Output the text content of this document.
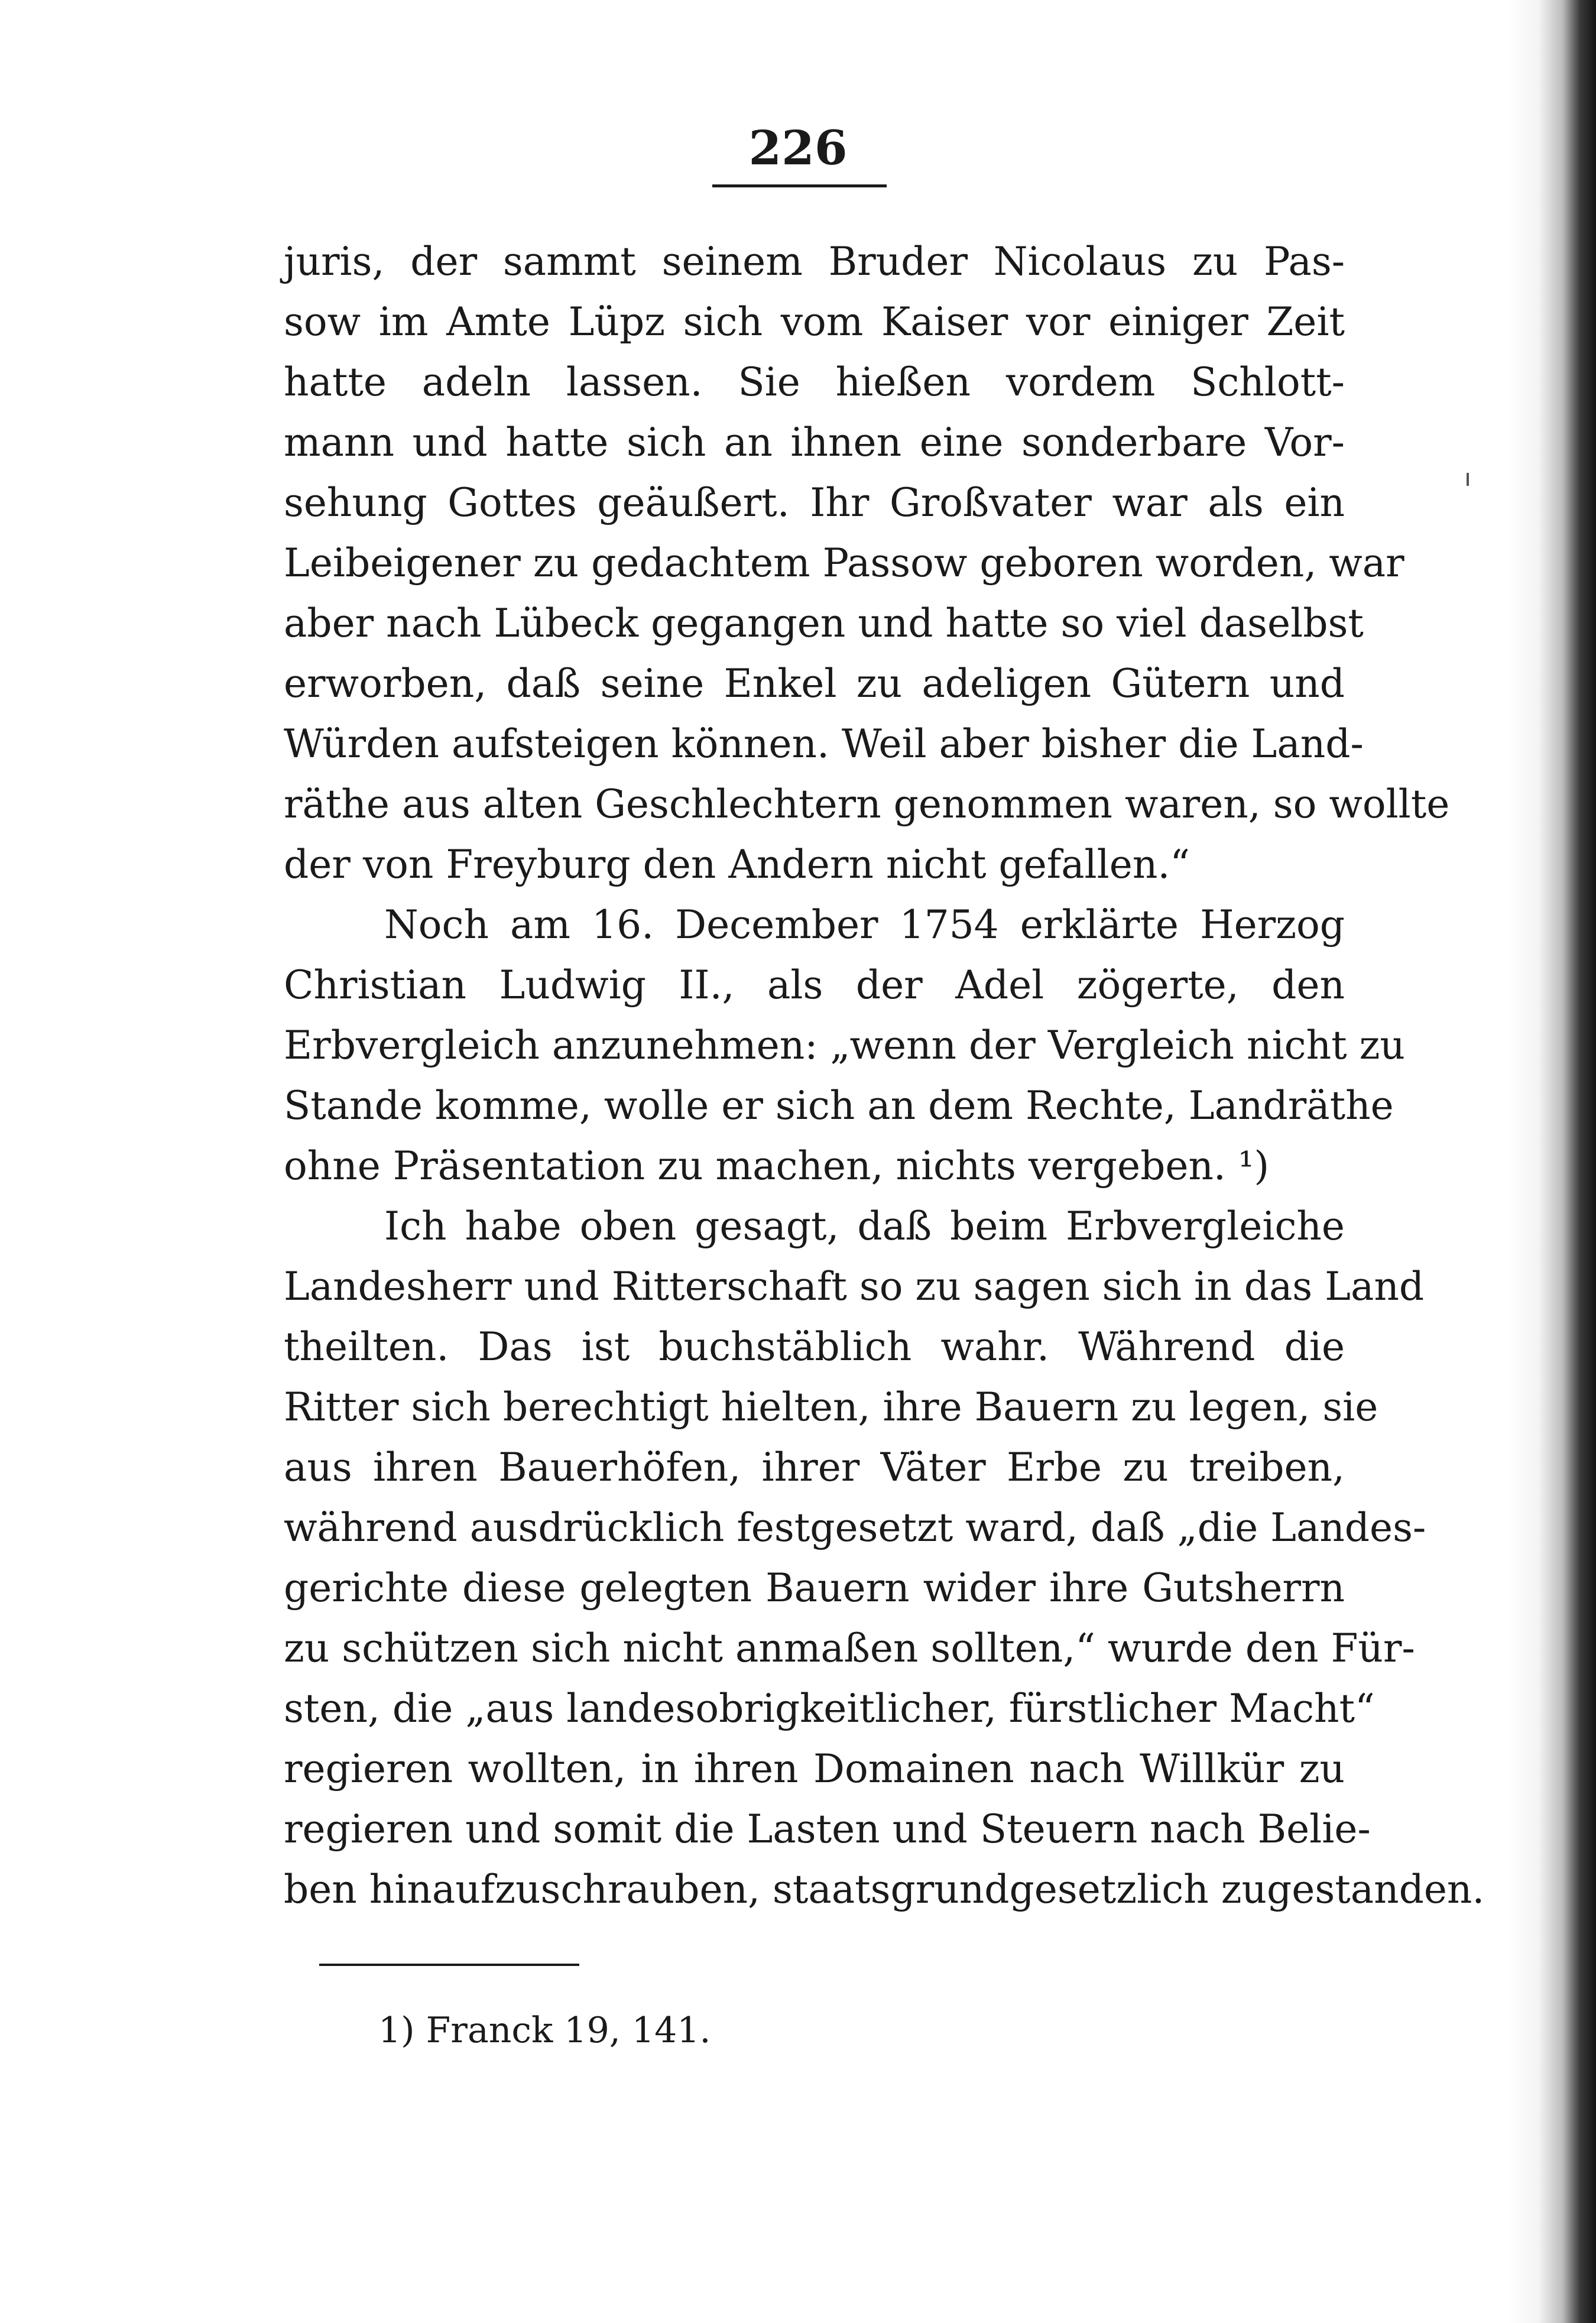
226
juris, der sammt seinem Bruder Nicolaus zu Pas-
sow im Amte Lüpz sich vom Kaiser vor einiger Zeit
hatte adeln lassen. Sie hießen vordem Schlott-
mann und hatte sich an ihnen eine sonderbare Vor-
sehung Gottes geäußert. Ihr Großvater war als ein
Leibeigener zu gedachtem Passow geboren worden, war
aber nach Lübeck gegangen und hatte so viel daselbst
erworben, daß seine Enkel zu adeligen Gütern und
Würden aufsteigen können. Weil aber bisher die Land-
räthe aus alten Geschlechtern genommen waren, so wollte
der von Freyburg den Andern nicht gefallen.“
Noch am 16. December 1754 erklärte Herzog
Christian Ludwig II., als der Adel zögerte, den
Erbvergleich anzunehmen: „wenn der Vergleich nicht zu
Stande komme, wolle er sich an dem Rechte, Landräthe
ohne Präsentation zu machen, nichts vergeben. ¹)
Ich habe oben gesagt, daß beim Erbvergleiche
Landesherr und Ritterschaft so zu sagen sich in das Land
theilten. Das ist buchstäblich wahr. Während die
Ritter sich berechtigt hielten, ihre Bauern zu legen, sie
aus ihren Bauerhöfen, ihrer Väter Erbe zu treiben,
während ausdrücklich festgesetzt ward, daß „die Landes-
gerichte diese gelegten Bauern wider ihre Gutsherrn
zu schützen sich nicht anmaßen sollten,“ wurde den Für-
sten, die „aus landesobrigkeitlicher, fürstlicher Macht“
regieren wollten, in ihren Domainen nach Willkür zu
regieren und somit die Lasten und Steuern nach Belie-
ben hinaufzuschrauben, staatsgrundgesetzlich zugestanden.
1) Franck 19, 141.
